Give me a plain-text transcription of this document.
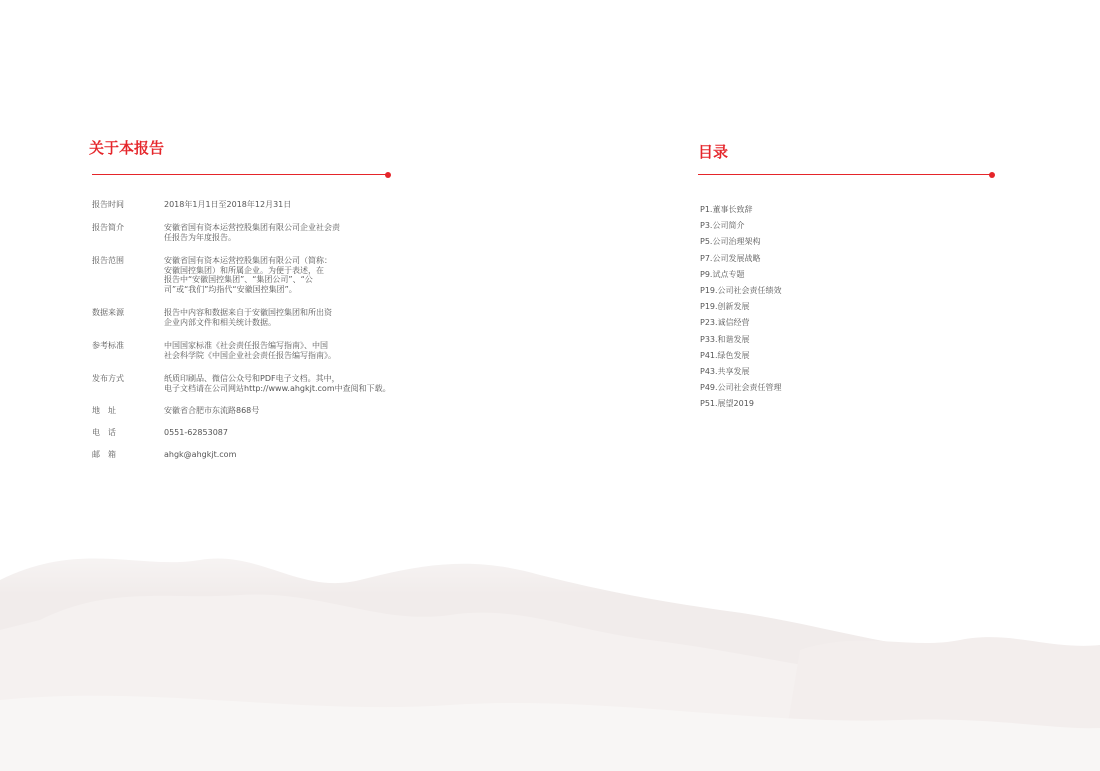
关于本报告
报告时间	2018年1月1日至2018年12月31日
报告简介	安徽省国有资本运营控股集团有限公司企业社会责
任报告为年度报告。
报告范围	安徽省国有资本运营控股集团有限公司（简称：
安徽国控集团）和所属企业。为便于表述，在
报告中“安徽国控集团”、“集团公司”、“公
司”或“我们”均指代“安徽国控集团”。
数据来源	报告中内容和数据来自于安徽国控集团和所出资
企业内部文件和相关统计数据。
参考标准	中国国家标准《社会责任报告编写指南》、中国
社会科学院《中国企业社会责任报告编写指南》。
发布方式	纸质印刷品、微信公众号和PDF电子文档。其中，
电子文档请在公司网站http://www.ahgkjt.com中查阅和下载。
地　址	安徽省合肥市东流路868号
电　话	0551-62853087
邮　箱	ahgk@ahgkjt.com
目录
P1.董事长致辞
P3.公司简介
P5.公司治理架构
P7.公司发展战略
P9.试点专题
P19.公司社会责任绩效
P19.创新发展
P23.诚信经营
P33.和谐发展
P41.绿色发展
P43.共享发展
P49.公司社会责任管理
P51.展望2019
